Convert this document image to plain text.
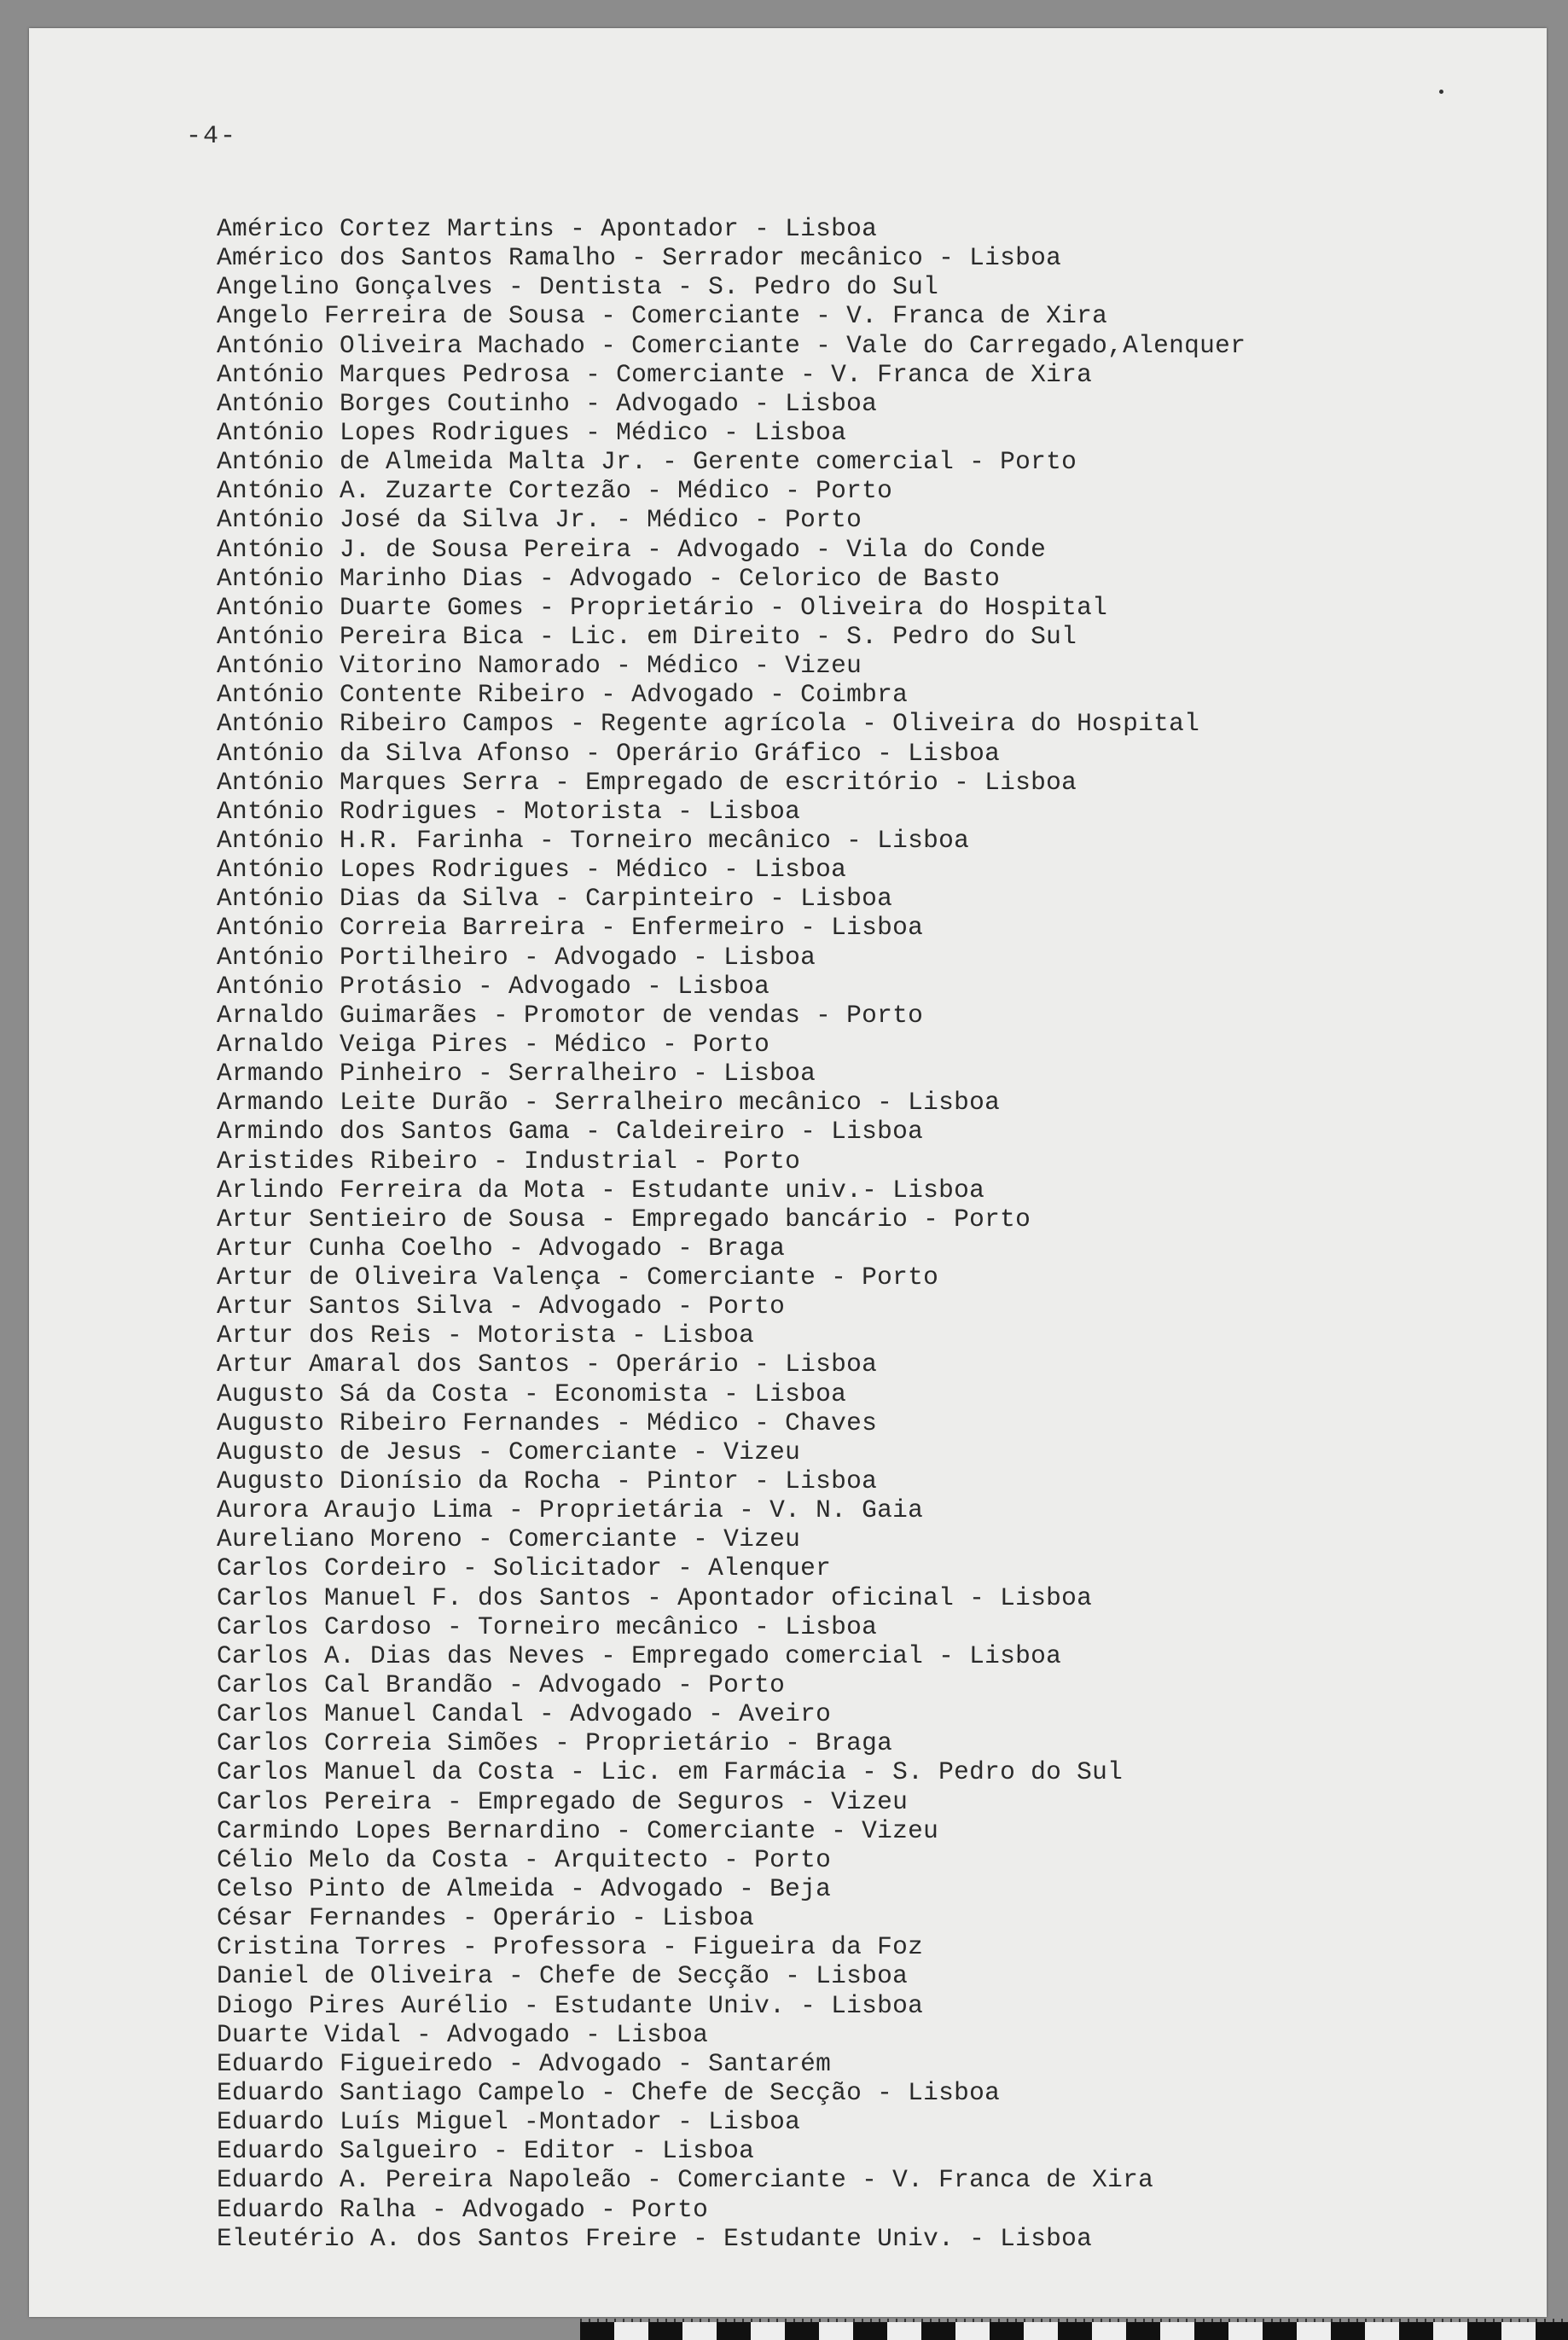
-4-
Américo Cortez Martins - Apontador - Lisboa
Américo dos Santos Ramalho - Serrador mecânico - Lisboa
Angelino Gonçalves - Dentista - S. Pedro do Sul
Angelo Ferreira de Sousa - Comerciante - V. Franca de Xira
António Oliveira Machado - Comerciante - Vale do Carregado,Alenquer
António Marques Pedrosa - Comerciante - V. Franca de Xira
António Borges Coutinho - Advogado - Lisboa
António Lopes Rodrigues - Médico - Lisboa
António de Almeida Malta Jr. - Gerente comercial - Porto
António A. Zuzarte Cortezão - Médico - Porto
António José da Silva Jr. - Médico - Porto
António J. de Sousa Pereira - Advogado - Vila do Conde
António Marinho Dias - Advogado - Celorico de Basto
António Duarte Gomes - Proprietário - Oliveira do Hospital
António Pereira Bica - Lic. em Direito - S. Pedro do Sul
António Vitorino Namorado - Médico - Vizeu
António Contente Ribeiro - Advogado - Coimbra
António Ribeiro Campos - Regente agrícola - Oliveira do Hospital
António da Silva Afonso - Operário Gráfico - Lisboa
António Marques Serra - Empregado de escritório - Lisboa
António Rodrigues - Motorista - Lisboa
António H.R. Farinha - Torneiro mecânico - Lisboa
António Lopes Rodrigues - Médico - Lisboa
António Dias da Silva - Carpinteiro - Lisboa
António Correia Barreira - Enfermeiro - Lisboa
António Portilheiro - Advogado - Lisboa
António Protásio - Advogado - Lisboa
Arnaldo Guimarães - Promotor de vendas - Porto
Arnaldo Veiga Pires - Médico - Porto
Armando Pinheiro - Serralheiro - Lisboa
Armando Leite Durão - Serralheiro mecânico - Lisboa
Armindo dos Santos Gama - Caldeireiro - Lisboa
Aristides Ribeiro - Industrial - Porto
Arlindo Ferreira da Mota - Estudante univ.- Lisboa
Artur Sentieiro de Sousa - Empregado bancário - Porto
Artur Cunha Coelho - Advogado - Braga
Artur de Oliveira Valença - Comerciante - Porto
Artur Santos Silva - Advogado - Porto
Artur dos Reis - Motorista - Lisboa
Artur Amaral dos Santos - Operário - Lisboa
Augusto Sá da Costa - Economista - Lisboa
Augusto Ribeiro Fernandes - Médico - Chaves
Augusto de Jesus - Comerciante - Vizeu
Augusto Dionísio da Rocha - Pintor - Lisboa
Aurora Araujo Lima - Proprietária - V. N. Gaia
Aureliano Moreno - Comerciante - Vizeu
Carlos Cordeiro - Solicitador - Alenquer
Carlos Manuel F. dos Santos - Apontador oficinal - Lisboa
Carlos Cardoso - Torneiro mecânico - Lisboa
Carlos A. Dias das Neves - Empregado comercial - Lisboa
Carlos Cal Brandão - Advogado - Porto
Carlos Manuel Candal - Advogado - Aveiro
Carlos Correia Simões - Proprietário - Braga
Carlos Manuel da Costa - Lic. em Farmácia - S. Pedro do Sul
Carlos Pereira - Empregado de Seguros - Vizeu
Carmindo Lopes Bernardino - Comerciante - Vizeu
Célio Melo da Costa - Arquitecto - Porto
Celso Pinto de Almeida - Advogado - Beja
César Fernandes - Operário - Lisboa
Cristina Torres - Professora - Figueira da Foz
Daniel de Oliveira - Chefe de Secção - Lisboa
Diogo Pires Aurélio - Estudante Univ. - Lisboa
Duarte Vidal - Advogado - Lisboa
Eduardo Figueiredo - Advogado - Santarém
Eduardo Santiago Campelo - Chefe de Secção - Lisboa
Eduardo Luís Miguel -Montador - Lisboa
Eduardo Salgueiro - Editor - Lisboa
Eduardo A. Pereira Napoleão - Comerciante - V. Franca de Xira
Eduardo Ralha - Advogado - Porto
Eleutério A. dos Santos Freire - Estudante Univ. - Lisboa
